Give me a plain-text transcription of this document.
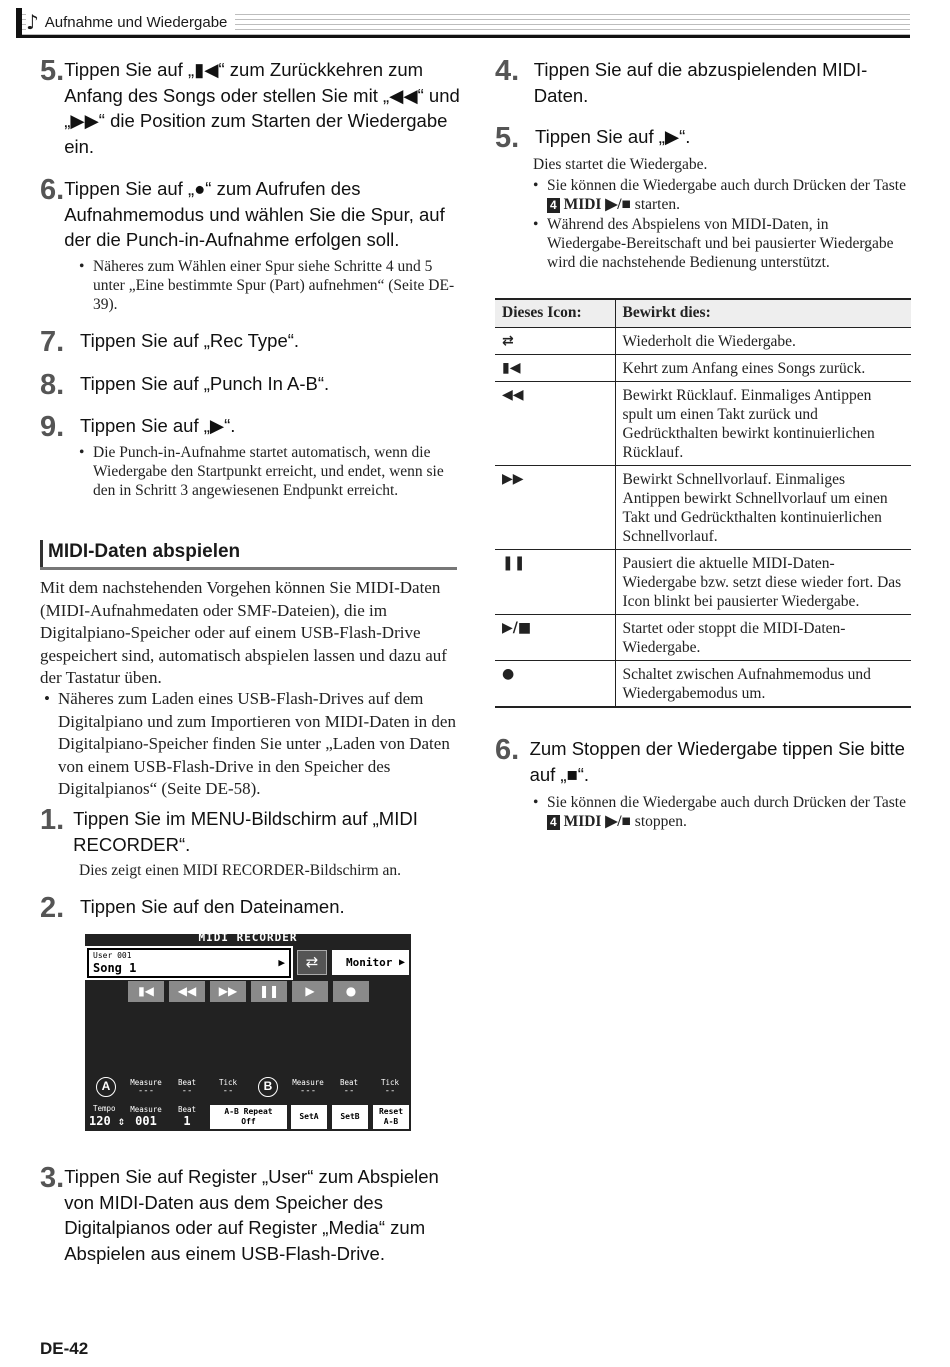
♪ Aufnahme und Wiedergabe
5. Tippen Sie auf „▮◀“ zum Zurückkehren zum Anfang des Songs oder stellen Sie mit „◀◀“ und „▶▶“ die Position zum Starten der Wiedergabe ein.
6. Tippen Sie auf „●“ zum Aufrufen des Aufnahmemodus und wählen Sie die Spur, auf der die Punch-in-Aufnahme erfolgen soll.
• Näheres zum Wählen einer Spur siehe Schritte 4 und 5 unter „Eine bestimmte Spur (Part) aufnehmen“ (Seite DE-39).
7. Tippen Sie auf „Rec Type“.
8. Tippen Sie auf „Punch In A-B“.
9. Tippen Sie auf „▶“.
• Die Punch-in-Aufnahme startet automatisch, wenn die Wiedergabe den Startpunkt erreicht, und endet, wenn sie den in Schritt 3 angewiesenen Endpunkt erreicht.
MIDI-Daten abspielen
Mit dem nachstehenden Vorgehen können Sie MIDI-Daten (MIDI-Aufnahmedaten oder SMF-Dateien), die im Digitalpiano-Speicher oder auf einem USB-Flash-Drive gespeichert sind, automatisch abspielen lassen und dazu auf der Tastatur üben.
• Näheres zum Laden eines USB-Flash-Drives auf dem Digitalpiano und zum Importieren von MIDI-Daten in den Digitalpiano-Speicher finden Sie unter „Laden von Daten von einem USB-Flash-Drive in den Speicher des Digitalpianos“ (Seite DE-58).
1. Tippen Sie im MENU-Bildschirm auf „MIDI RECORDER“.
Dies zeigt einen MIDI RECORDER-Bildschirm an.
2. Tippen Sie auf den Dateinamen.
MIDI RECORDER
User 001
Song 1	▶	⇄	Monitor ▶
▮◀	◀◀	▶▶	❚❚	▶	●
A	Measure
---
Beat
--
Tick
--	B	Measure
---
Beat
--
Tick
--
Tempo
120 ⇕
Measure
001
Beat
1
A-B Repeat
Off
SetA	SetB
Reset
A-B
3. Tippen Sie auf Register „User“ zum Abspielen von MIDI-Daten aus dem Speicher des Digitalpianos oder auf Register „Media“ zum Abspielen aus einem USB-Flash-Drive.
4. Tippen Sie auf die abzuspielenden MIDI-Daten.
5. Tippen Sie auf „▶“.
Dies startet die Wiedergabe.
• Sie können die Wiedergabe auch durch Drücken der Taste 4 MIDI ▶/■ starten.
• Während des Abspielens von MIDI-Daten, in Wiedergabe-Bereitschaft und bei pausierter Wiedergabe wird die nachstehende Bedienung unterstützt.
Dieses Icon:	Bewirkt dies:
⇄	Wiederholt die Wiedergabe.
▮◀	Kehrt zum Anfang eines Songs zurück.
◀◀	Bewirkt Rücklauf. Einmaliges Antippen spult um einen Takt zurück und Gedrückthalten bewirkt kontinuierlichen Rücklauf.
▶▶	Bewirkt Schnellvorlauf. Einmaliges Antippen bewirkt Schnellvorlauf um einen Takt und Gedrückthalten kontinuierlichen Schnellvorlauf.
❚❚	Pausiert die aktuelle MIDI-Daten-Wiedergabe bzw. setzt diese wieder fort. Das Icon blinkt bei pausierter Wiedergabe.
▶/■	Startet oder stoppt die MIDI-Daten-Wiedergabe.
●	Schaltet zwischen Aufnahmemodus und Wiedergabemodus um.
6. Zum Stoppen der Wiedergabe tippen Sie bitte auf „■“.
• Sie können die Wiedergabe auch durch Drücken der Taste 4 MIDI ▶/■ stoppen.
DE-42
